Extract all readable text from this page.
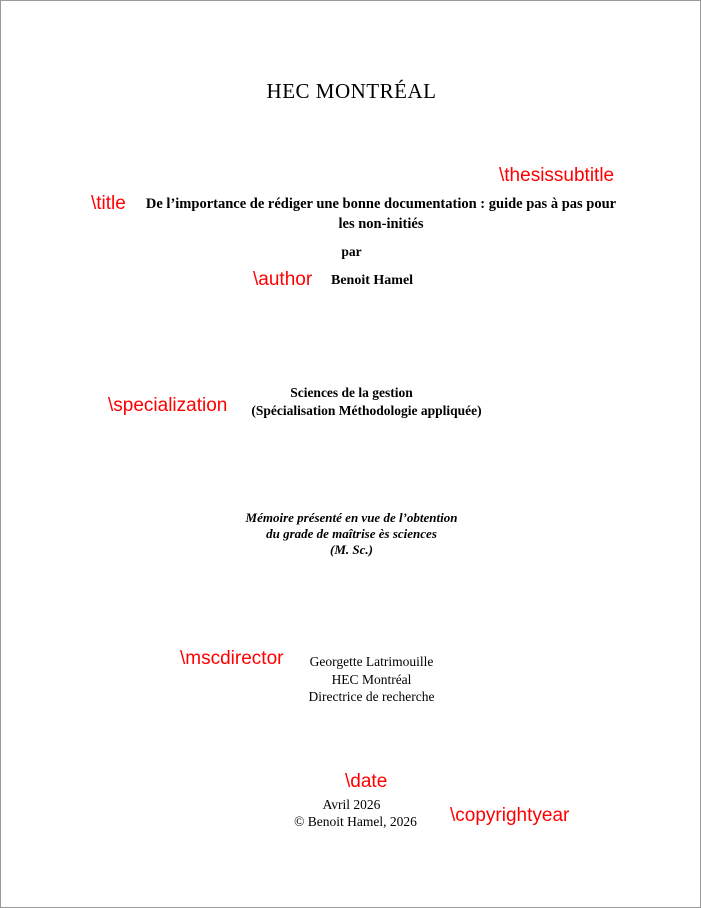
HEC MONTRÉAL
\thesissubtitle
\title	De l’importance de rédiger une bonne documentation : guide pas à pas pour les non-initiés
par
\author Benoit Hamel
\specialization
Sciences de la gestion
(Spécialisation Méthodologie appliquée)
Mémoire présenté en vue de l’obtention
du grade de maîtrise ès sciences
(M. Sc.)
\mscdirector	Georgette Latrimouille
HEC Montréal
Directrice de recherche
\date
Avril 2026
© Benoit Hamel, 2026	\copyrightyear
